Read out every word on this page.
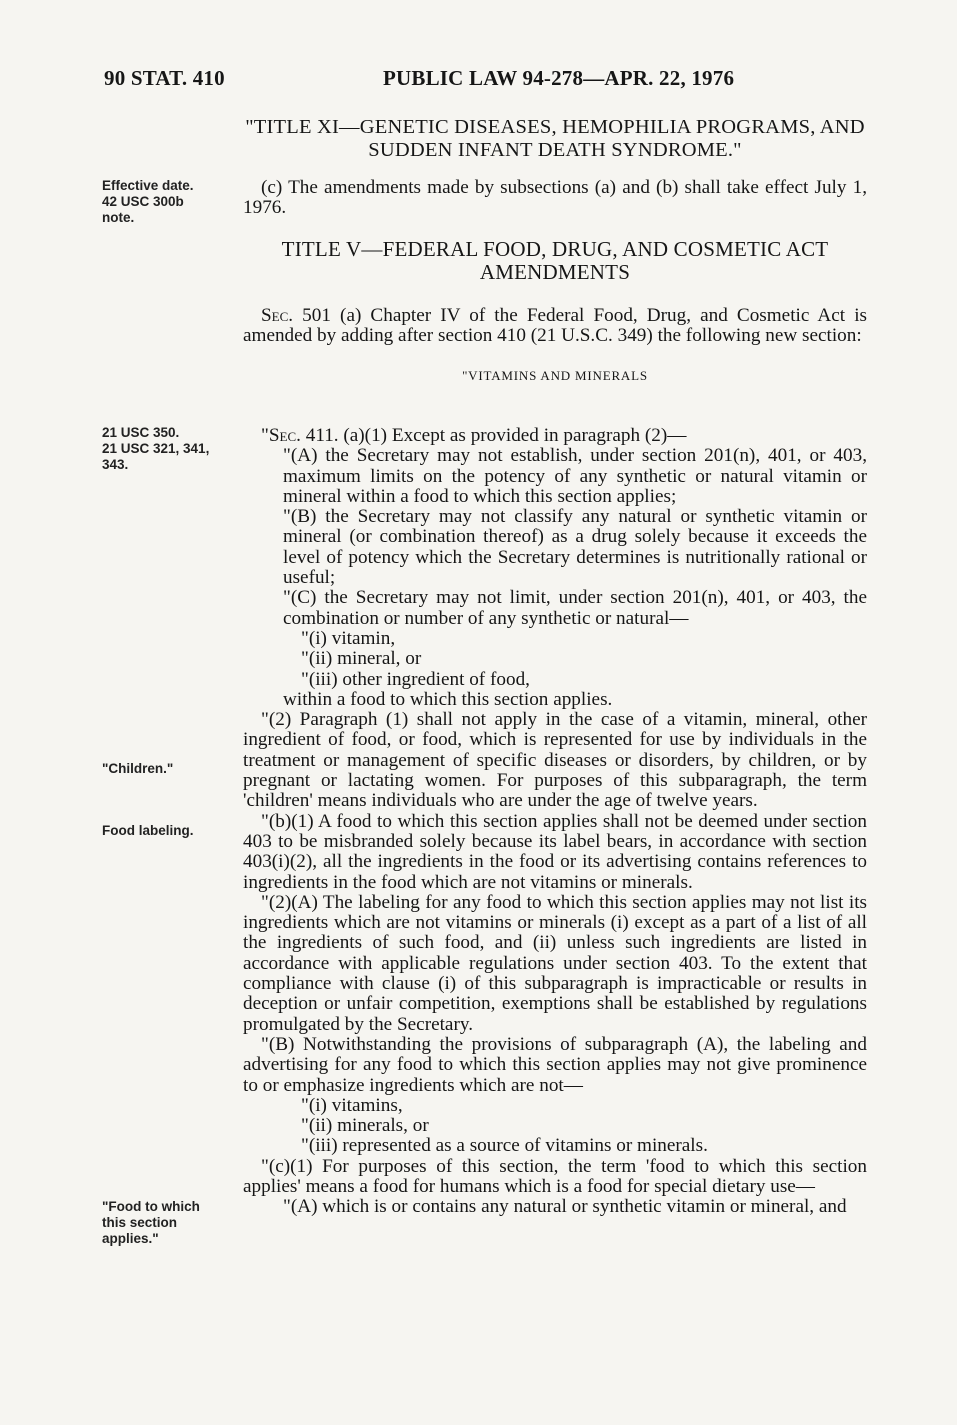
90 STAT. 410	PUBLIC LAW 94-278—APR. 22, 1976
Effective date.
42 USC 300b
note.
21 USC 350.
21 USC 321, 341,
343.
"Children."
Food labeling.
"Food to which
this section
applies."

"TITLE XI—GENETIC DISEASES, HEMOPHILIA PROGRAMS, AND SUDDEN INFANT DEATH SYNDROME."

(c) The amendments made by subsections (a) and (b) shall take effect July 1, 1976.

TITLE V—FEDERAL FOOD, DRUG, AND COSMETIC ACT AMENDMENTS

Sec. 501 (a) Chapter IV of the Federal Food, Drug, and Cosmetic Act is amended by adding after section 410 (21 U.S.C. 349) the following new section:

"VITAMINS AND MINERALS

"Sec. 411. (a)(1) Except as provided in paragraph (2)—

"(A) the Secretary may not establish, under section 201(n), 401, or 403, maximum limits on the potency of any synthetic or natural vitamin or mineral within a food to which this section applies;

"(B) the Secretary may not classify any natural or synthetic vitamin or mineral (or combination thereof) as a drug solely because it exceeds the level of potency which the Secretary determines is nutritionally rational or useful;

"(C) the Secretary may not limit, under section 201(n), 401, or 403, the combination or number of any synthetic or natural—

"(i) vitamin,

"(ii) mineral, or

"(iii) other ingredient of food,

within a food to which this section applies.

"(2) Paragraph (1) shall not apply in the case of a vitamin, mineral, other ingredient of food, or food, which is represented for use by individuals in the treatment or management of specific diseases or disorders, by children, or by pregnant or lactating women. For purposes of this subparagraph, the term 'children' means individuals who are under the age of twelve years.

"(b)(1) A food to which this section applies shall not be deemed under section 403 to be misbranded solely because its label bears, in accordance with section 403(i)(2), all the ingredients in the food or its advertising contains references to ingredients in the food which are not vitamins or minerals.

"(2)(A) The labeling for any food to which this section applies may not list its ingredients which are not vitamins or minerals (i) except as a part of a list of all the ingredients of such food, and (ii) unless such ingredients are listed in accordance with applicable regulations under section 403. To the extent that compliance with clause (i) of this subparagraph is impracticable or results in deception or unfair competition, exemptions shall be established by regulations promulgated by the Secretary.

"(B) Notwithstanding the provisions of subparagraph (A), the labeling and advertising for any food to which this section applies may not give prominence to or emphasize ingredients which are not—

"(i) vitamins,

"(ii) minerals, or

"(iii) represented as a source of vitamins or minerals.

"(c)(1) For purposes of this section, the term 'food to which this section applies' means a food for humans which is a food for special dietary use—

"(A) which is or contains any natural or synthetic vitamin or mineral, and
